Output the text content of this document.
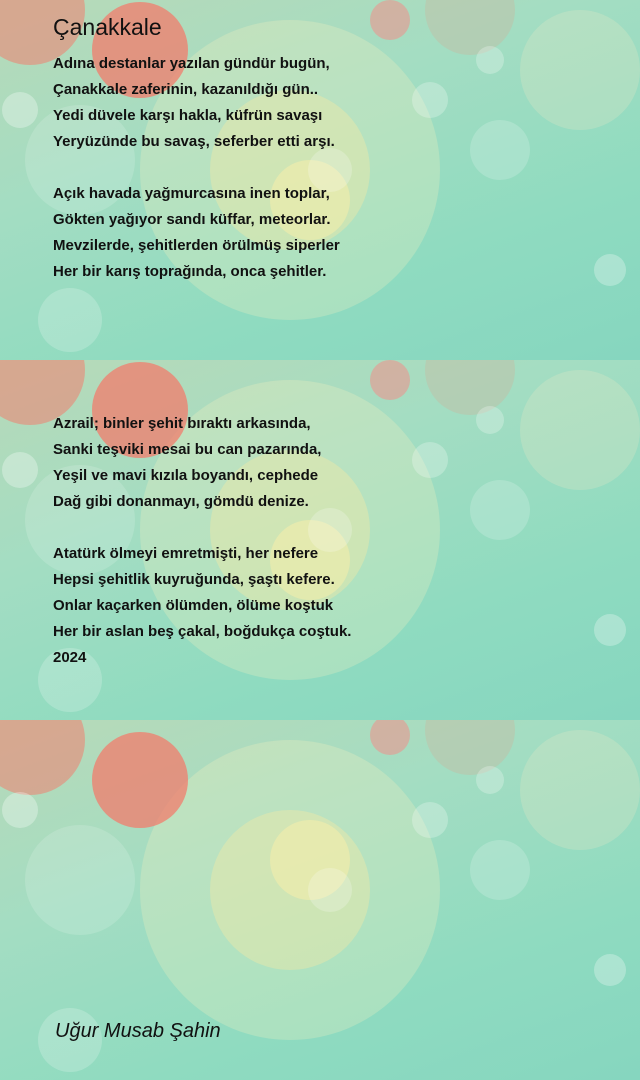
Çanakkale

Adına destanlar yazılan gündür bugün,
Çanakkale zaferinin, kazanıldığı gün..
Yedi düvele karşı hakla, küfrün savaşı
Yeryüzünde bu savaş, seferber etti arşı.

Açık havada yağmurcasına inen toplar,
Gökten yağıyor sandı küffar, meteorlar.
Mevzilerde, şehitlerden örülmüş siperler
Her bir karış toprağında, onca şehitler.

Azrail; binler şehit bıraktı arkasında,
Sanki teşviki mesai bu can pazarında,
Yeşil ve mavi kızıla boyandı, cephede
Dağ gibi donanmayı, gömdü denize.

Atatürk ölmeyi emretmişti, her nefere
Hepsi şehitlik kuyruğunda, şaştı kefere.
Onlar kaçarken ölümden, ölüme koştuk
Her bir aslan beş çakal, boğdukça coştuk.
2024

Uğur Musab Şahin
